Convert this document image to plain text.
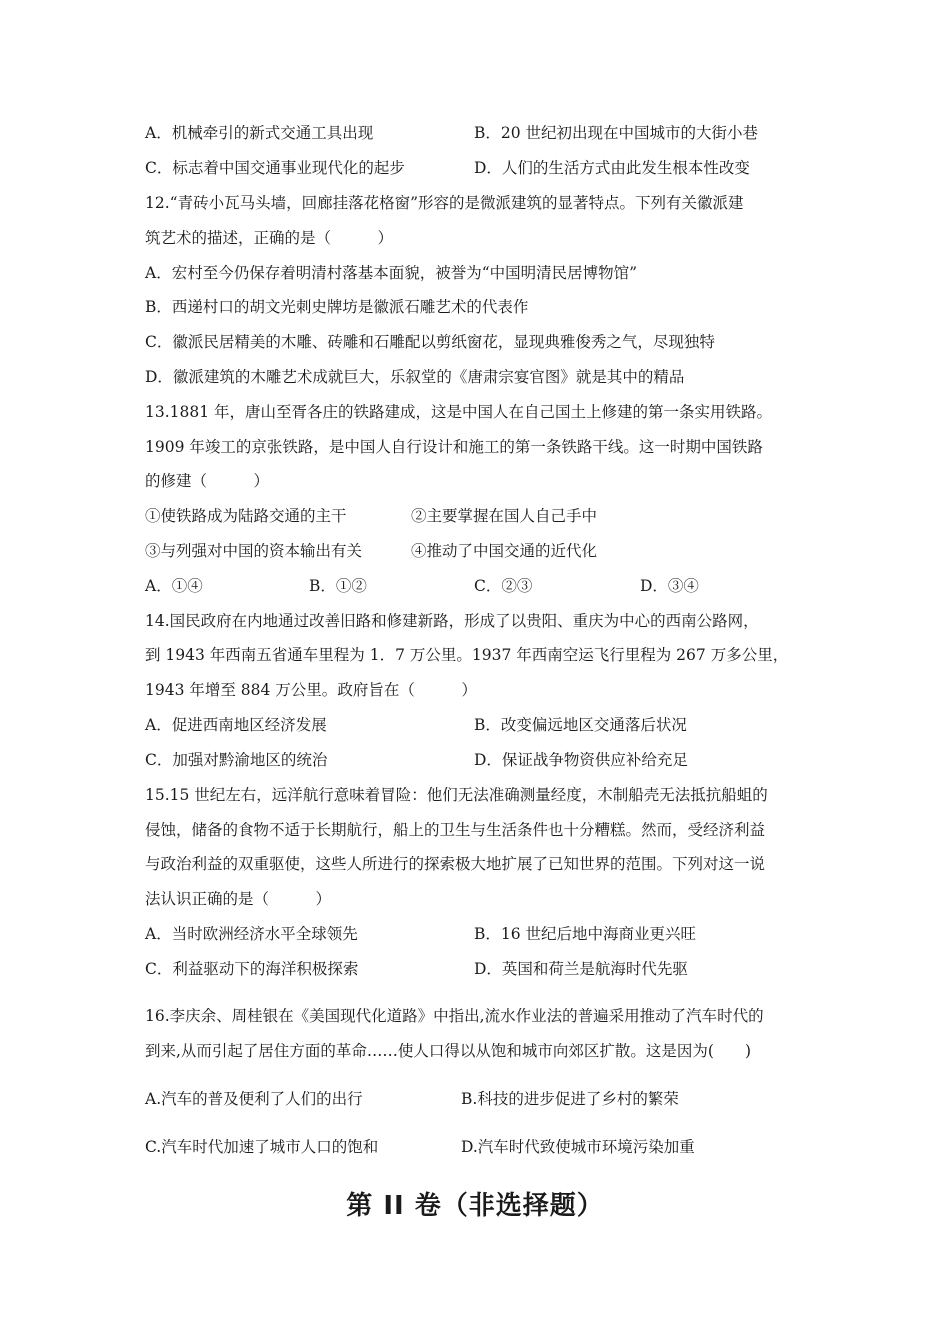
A．机械牵引的新式交通工具出现	B．20 世纪初出现在中国城市的大街小巷
C．标志着中国交通事业现代化的起步	D．人们的生活方式由此发生根本性改变
12.“青砖小瓦马头墙，回廊挂落花格窗”形容的是微派建筑的显著特点。下列有关徽派建
筑艺术的描述，正确的是（　　　）
A．宏村至今仍保存着明清村落基本面貌，被誉为“中国明清民居博物馆”
B．西递村口的胡文光刺史牌坊是徽派石雕艺术的代表作
C．徽派民居精美的木雕、砖雕和石雕配以剪纸窗花，显现典雅俊秀之气，尽现独特
D．徽派建筑的木雕艺术成就巨大，乐叙堂的《唐肃宗宴官图》就是其中的精品
13.1881 年，唐山至胥各庄的铁路建成，这是中国人在自己国土上修建的第一条实用铁路。
1909 年竣工的京张铁路，是中国人自行设计和施工的第一条铁路干线。这一时期中国铁路
的修建（　　　）
①使铁路成为陆路交通的主干	②主要掌握在国人自己手中
③与列强对中国的资本输出有关	④推动了中国交通的近代化
A．①④	B．①②	C．②③	D．③④
14.国民政府在内地通过改善旧路和修建新路，形成了以贵阳、重庆为中心的西南公路网，
到 1943 年西南五省通车里程为 1．7 万公里。1937 年西南空运飞行里程为 267 万多公里，
1943 年增至 884 万公里。政府旨在（　　　）
A．促进西南地区经济发展	B．改变偏远地区交通落后状况
C．加强对黔渝地区的统治	D．保证战争物资供应补给充足
15.15 世纪左右，远洋航行意味着冒险：他们无法准确测量经度，木制船壳无法抵抗船蛆的
侵蚀，储备的食物不适于长期航行，船上的卫生与生活条件也十分糟糕。然而，受经济利益
与政治利益的双重驱使，这些人所进行的探索极大地扩展了已知世界的范围。下列对这一说
法认识正确的是（　　　）
A．当时欧洲经济水平全球领先	B．16 世纪后地中海商业更兴旺
C．利益驱动下的海洋积极探索	D．英国和荷兰是航海时代先驱
16.李庆余、周桂银在《美国现代化道路》中指出,流水作业法的普遍采用推动了汽车时代的
到来,从而引起了居住方面的革命……使人口得以从饱和城市向郊区扩散。这是因为(　　)
A.汽车的普及便利了人们的出行	B.科技的进步促进了乡村的繁荣
C.汽车时代加速了城市人口的饱和	D.汽车时代致使城市环境污染加重
第 II 卷（非选择题）
